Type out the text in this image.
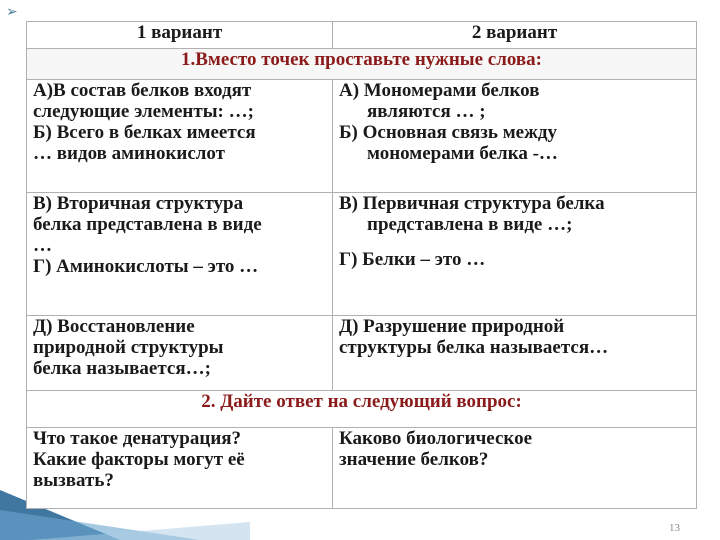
➢
1 вариант	2 вариант
1.Вместо точек проставьте нужные слова:	

А)В состав белков входят
следующие элементы: …;
Б) Всего в белках имеется
… видов аминокислот	А) Мономерами белков
являются … ;
Б) Основная связь между
мономерами белка -…

В) Вторичная структура
белка представлена в виде
…
Г) Аминокислоты – это …	В) Первичная структура белка
представлена в виде …;
Г) Белки – это …

Д) Восстановление
природной структуры
белка называется…;	Д) Разрушение природной
структуры белка называется…

2. Дайте ответ на следующий вопрос:	

Что такое денатурация?
Какие факторы могут её
вызвать?	Каково биологическое
значение белков?
13
